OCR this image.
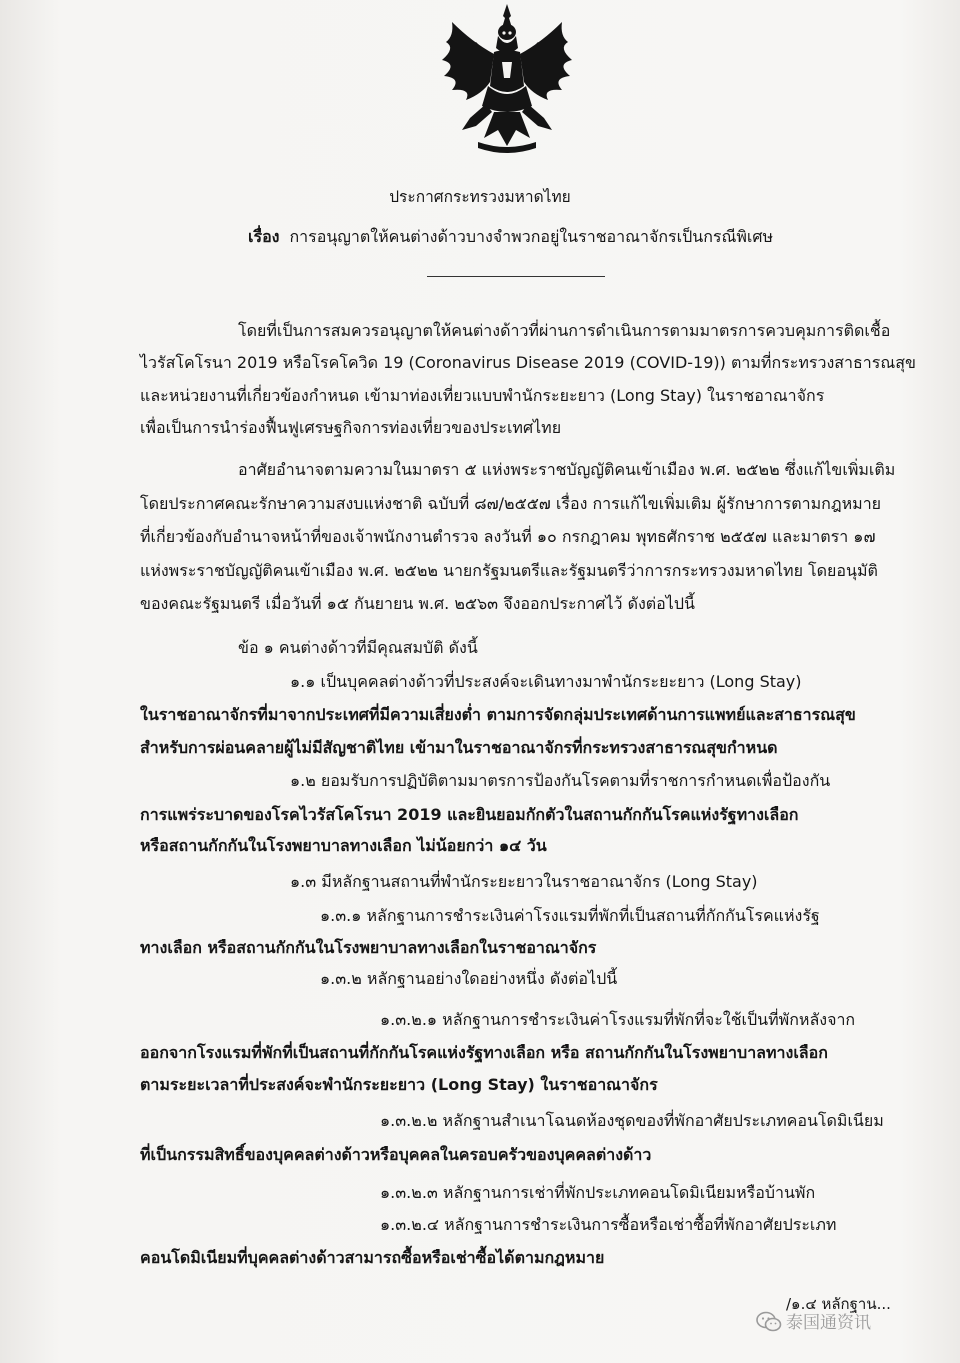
ประกาศกระทรวงมหาดไทย
เรื่อง การอนุญาตให้คนต่างด้าวบางจำพวกอยู่ในราชอาณาจักรเป็นกรณีพิเศษ
โดยที่เป็นการสมควรอนุญาตให้คนต่างด้าวที่ผ่านการดำเนินการตามมาตรการควบคุมการติดเชื้อ
ไวรัสโคโรนา 2019 หรือโรคโควิด 19 (Coronavirus Disease 2019 (COVID-19)) ตามที่กระทรวงสาธารณสุข
และหน่วยงานที่เกี่ยวข้องกำหนด เข้ามาท่องเที่ยวแบบพำนักระยะยาว (Long Stay) ในราชอาณาจักร
เพื่อเป็นการนำร่องฟื้นฟูเศรษฐกิจการท่องเที่ยวของประเทศไทย
อาศัยอำนาจตามความในมาตรา ๕ แห่งพระราชบัญญัติคนเข้าเมือง พ.ศ. ๒๕๒๒ ซึ่งแก้ไขเพิ่มเติม
โดยประกาศคณะรักษาความสงบแห่งชาติ ฉบับที่ ๘๗/๒๕๕๗ เรื่อง การแก้ไขเพิ่มเติม ผู้รักษาการตามกฎหมาย
ที่เกี่ยวข้องกับอำนาจหน้าที่ของเจ้าพนักงานตำรวจ ลงวันที่ ๑๐ กรกฎาคม พุทธศักราช ๒๕๕๗ และมาตรา ๑๗
แห่งพระราชบัญญัติคนเข้าเมือง พ.ศ. ๒๕๒๒ นายกรัฐมนตรีและรัฐมนตรีว่าการกระทรวงมหาดไทย โดยอนุมัติ
ของคณะรัฐมนตรี เมื่อวันที่ ๑๕ กันยายน พ.ศ. ๒๕๖๓ จึงออกประกาศไว้ ดังต่อไปนี้
ข้อ ๑ คนต่างด้าวที่มีคุณสมบัติ ดังนี้
๑.๑ เป็นบุคคลต่างด้าวที่ประสงค์จะเดินทางมาพำนักระยะยาว (Long Stay)
ในราชอาณาจักรที่มาจากประเทศที่มีความเสี่ยงต่ำ ตามการจัดกลุ่มประเทศด้านการแพทย์และสาธารณสุข
สำหรับการผ่อนคลายผู้ไม่มีสัญชาติไทย เข้ามาในราชอาณาจักรที่กระทรวงสาธารณสุขกำหนด
๑.๒ ยอมรับการปฏิบัติตามมาตรการป้องกันโรคตามที่ราชการกำหนดเพื่อป้องกัน
การแพร่ระบาดของโรคไวรัสโคโรนา 2019 และยินยอมกักตัวในสถานกักกันโรคแห่งรัฐทางเลือก
หรือสถานกักกันในโรงพยาบาลทางเลือก ไม่น้อยกว่า ๑๔ วัน
๑.๓ มีหลักฐานสถานที่พำนักระยะยาวในราชอาณาจักร (Long Stay)
๑.๓.๑ หลักฐานการชำระเงินค่าโรงแรมที่พักที่เป็นสถานที่กักกันโรคแห่งรัฐ
ทางเลือก หรือสถานกักกันในโรงพยาบาลทางเลือกในราชอาณาจักร
๑.๓.๒ หลักฐานอย่างใดอย่างหนึ่ง ดังต่อไปนี้
๑.๓.๒.๑ หลักฐานการชำระเงินค่าโรงแรมที่พักที่จะใช้เป็นที่พักหลังจาก
ออกจากโรงแรมที่พักที่เป็นสถานที่กักกันโรคแห่งรัฐทางเลือก หรือ สถานกักกันในโรงพยาบาลทางเลือก
ตามระยะเวลาที่ประสงค์จะพำนักระยะยาว (Long Stay) ในราชอาณาจักร
๑.๓.๒.๒ หลักฐานสำเนาโฉนดห้องชุดของที่พักอาศัยประเภทคอนโดมิเนียม
ที่เป็นกรรมสิทธิ์ของบุคคลต่างด้าวหรือบุคคลในครอบครัวของบุคคลต่างด้าว
๑.๓.๒.๓ หลักฐานการเช่าที่พักประเภทคอนโดมิเนียมหรือบ้านพัก
๑.๓.๒.๔ หลักฐานการชำระเงินการซื้อหรือเช่าซื้อที่พักอาศัยประเภท
คอนโดมิเนียมที่บุคคลต่างด้าวสามารถซื้อหรือเช่าซื้อได้ตามกฎหมาย
/๑.๔ หลักฐาน...
泰国通资讯
